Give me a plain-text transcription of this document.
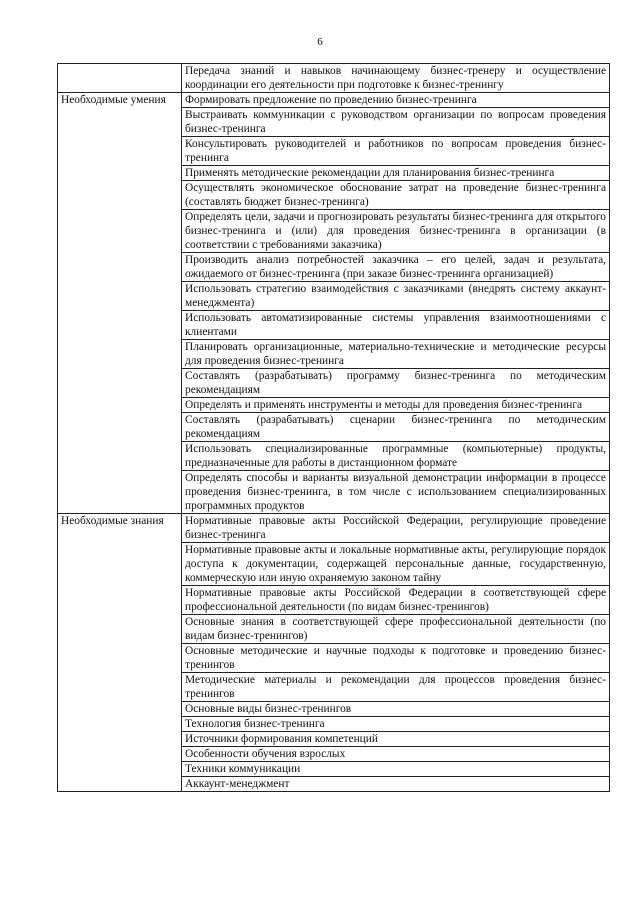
6
	Передача знаний и навыков начинающему бизнес-тренеру и осуществление координации его деятельности при подготовке к бизнес-тренингу
Необходимые умения	Формировать предложение по проведению бизнес-тренинга
	Выстраивать коммуникации с руководством организации по вопросам проведения бизнес-тренинга
	Консультировать руководителей и работников по вопросам проведения бизнес-тренинга
	Применять методические рекомендации для планирования бизнес-тренинга
	Осуществлять экономическое обоснование затрат на проведение бизнес-тренинга (составлять бюджет бизнес-тренинга)
	Определять цели, задачи и прогнозировать результаты бизнес-тренинга для открытого бизнес-тренинга и (или) для проведения бизнес-тренинга в организации (в соответствии с требованиями заказчика)
	Производить анализ потребностей заказчика – его целей, задач и результата, ожидаемого от бизнес-тренинга (при заказе бизнес-тренинга организацией)
	Использовать стратегию взаимодействия с заказчиками (внедрять систему аккаунт-менеджмента)
	Использовать автоматизированные системы управления взаимоотношениями с клиентами
	Планировать организационные, материально-технические и методические ресурсы для проведения бизнес-тренинга
	Составлять (разрабатывать) программу бизнес-тренинга по методическим рекомендациям
	Определять и применять инструменты и методы для проведения бизнес-тренинга
	Составлять (разрабатывать) сценарии бизнес-тренинга по методическим рекомендациям
	Использовать специализированные программные (компьютерные) продукты, предназначенные для работы в дистанционном формате
	Определять способы и варианты визуальной демонстрации информации в процессе проведения бизнес-тренинга, в том числе с использованием специализированных программных продуктов
Необходимые знания	Нормативные правовые акты Российской Федерации, регулирующие проведение бизнес-тренинга
	Нормативные правовые акты и локальные нормативные акты, регулирующие порядок доступа к документации, содержащей персональные данные, государственную, коммерческую или иную охраняемую законом тайну
	Нормативные правовые акты Российской Федерации в соответствующей сфере профессиональной деятельности (по видам бизнес-тренингов)
	Основные знания в соответствующей сфере профессиональной деятельности (по видам бизнес-тренингов)
	Основные методические и научные подходы к подготовке и проведению бизнес-тренингов
	Методические материалы и рекомендации для процессов проведения бизнес-тренингов
	Основные виды бизнес-тренингов
	Технология бизнес-тренинга
	Источники формирования компетенций
	Особенности обучения взрослых
	Техники коммуникации
	Аккаунт-менеджмент
